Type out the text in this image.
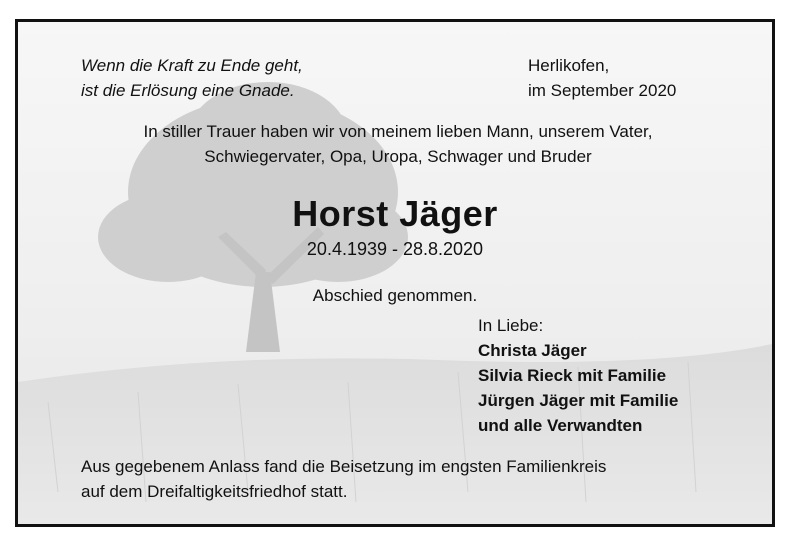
Wenn die Kraft zu Ende geht,
ist die Erlösung eine Gnade.
Herlikofen,
im September 2020
In stiller Trauer haben wir von meinem lieben Mann, unserem Vater,
Schwiegervater, Opa, Uropa, Schwager und Bruder
Horst Jäger
20.4.1939 - 28.8.2020
Abschied genommen.
In Liebe:
Christa Jäger
Silvia Rieck mit Familie
Jürgen Jäger mit Familie
und alle Verwandten
Aus gegebenem Anlass fand die Beisetzung im engsten Familienkreis
auf dem Dreifaltigkeitsfriedhof statt.
